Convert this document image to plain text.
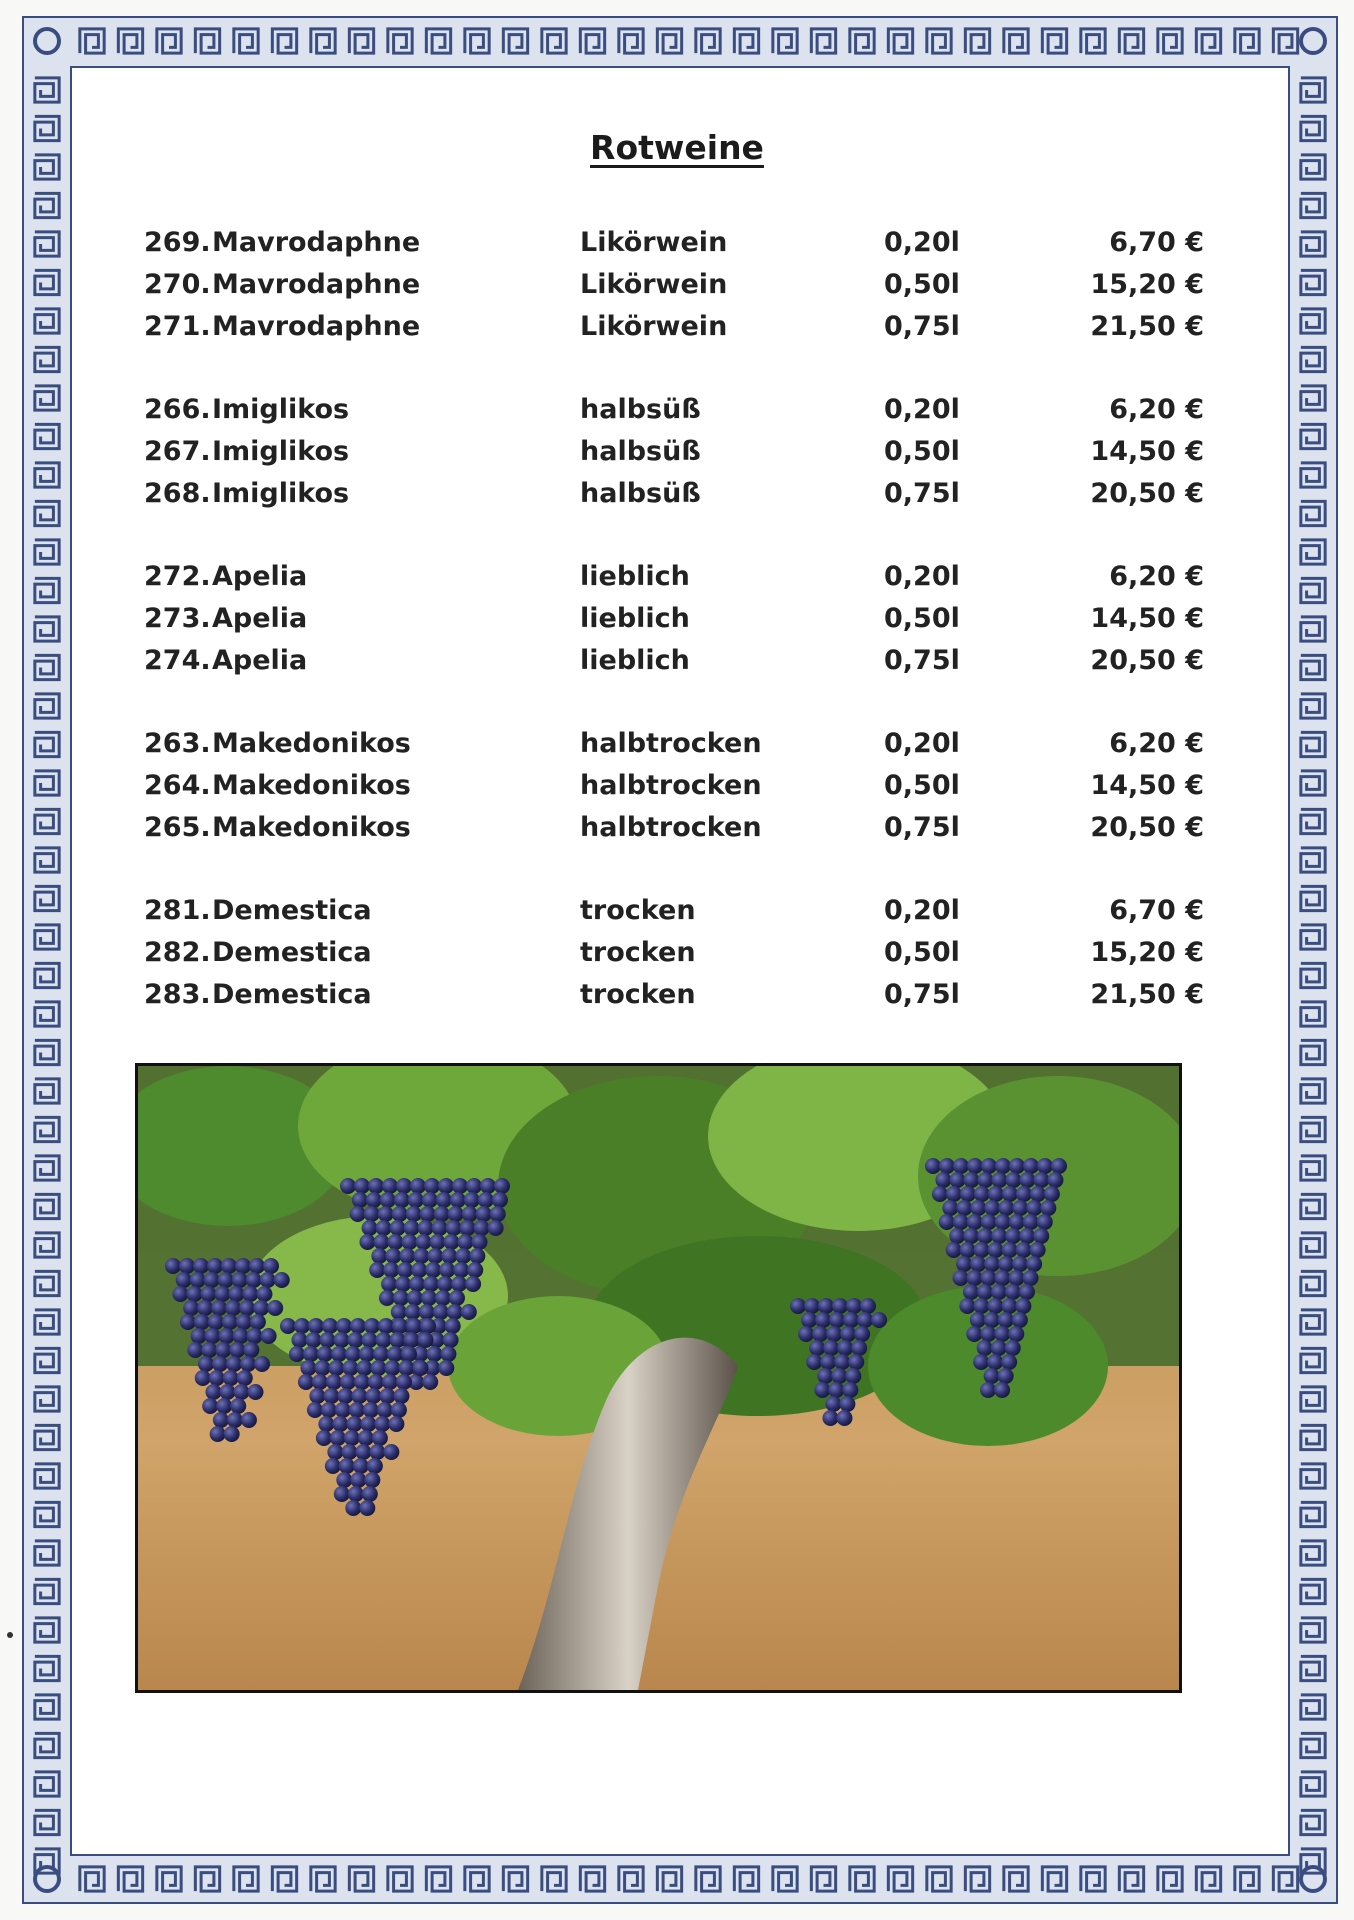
Rotweine
269. Mavrodaphne	Likörwein	0,20l	6,70 €
270. Mavrodaphne	Likörwein	0,50l	15,20 €
271. Mavrodaphne	Likörwein	0,75l	21,50 €
266. Imiglikos	halbsüß	0,20l	6,20 €
267. Imiglikos	halbsüß	0,50l	14,50 €
268. Imiglikos	halbsüß	0,75l	20,50 €
272. Apelia	lieblich	0,20l	6,20 €
273. Apelia	lieblich	0,50l	14,50 €
274. Apelia	lieblich	0,75l	20,50 €
263. Makedonikos	halbtrocken	0,20l	6,20 €
264. Makedonikos	halbtrocken	0,50l	14,50 €
265. Makedonikos	halbtrocken	0,75l	20,50 €
281. Demestica	trocken	0,20l	6,70 €
282. Demestica	trocken	0,50l	15,20 €
283. Demestica	trocken	0,75l	21,50 €
